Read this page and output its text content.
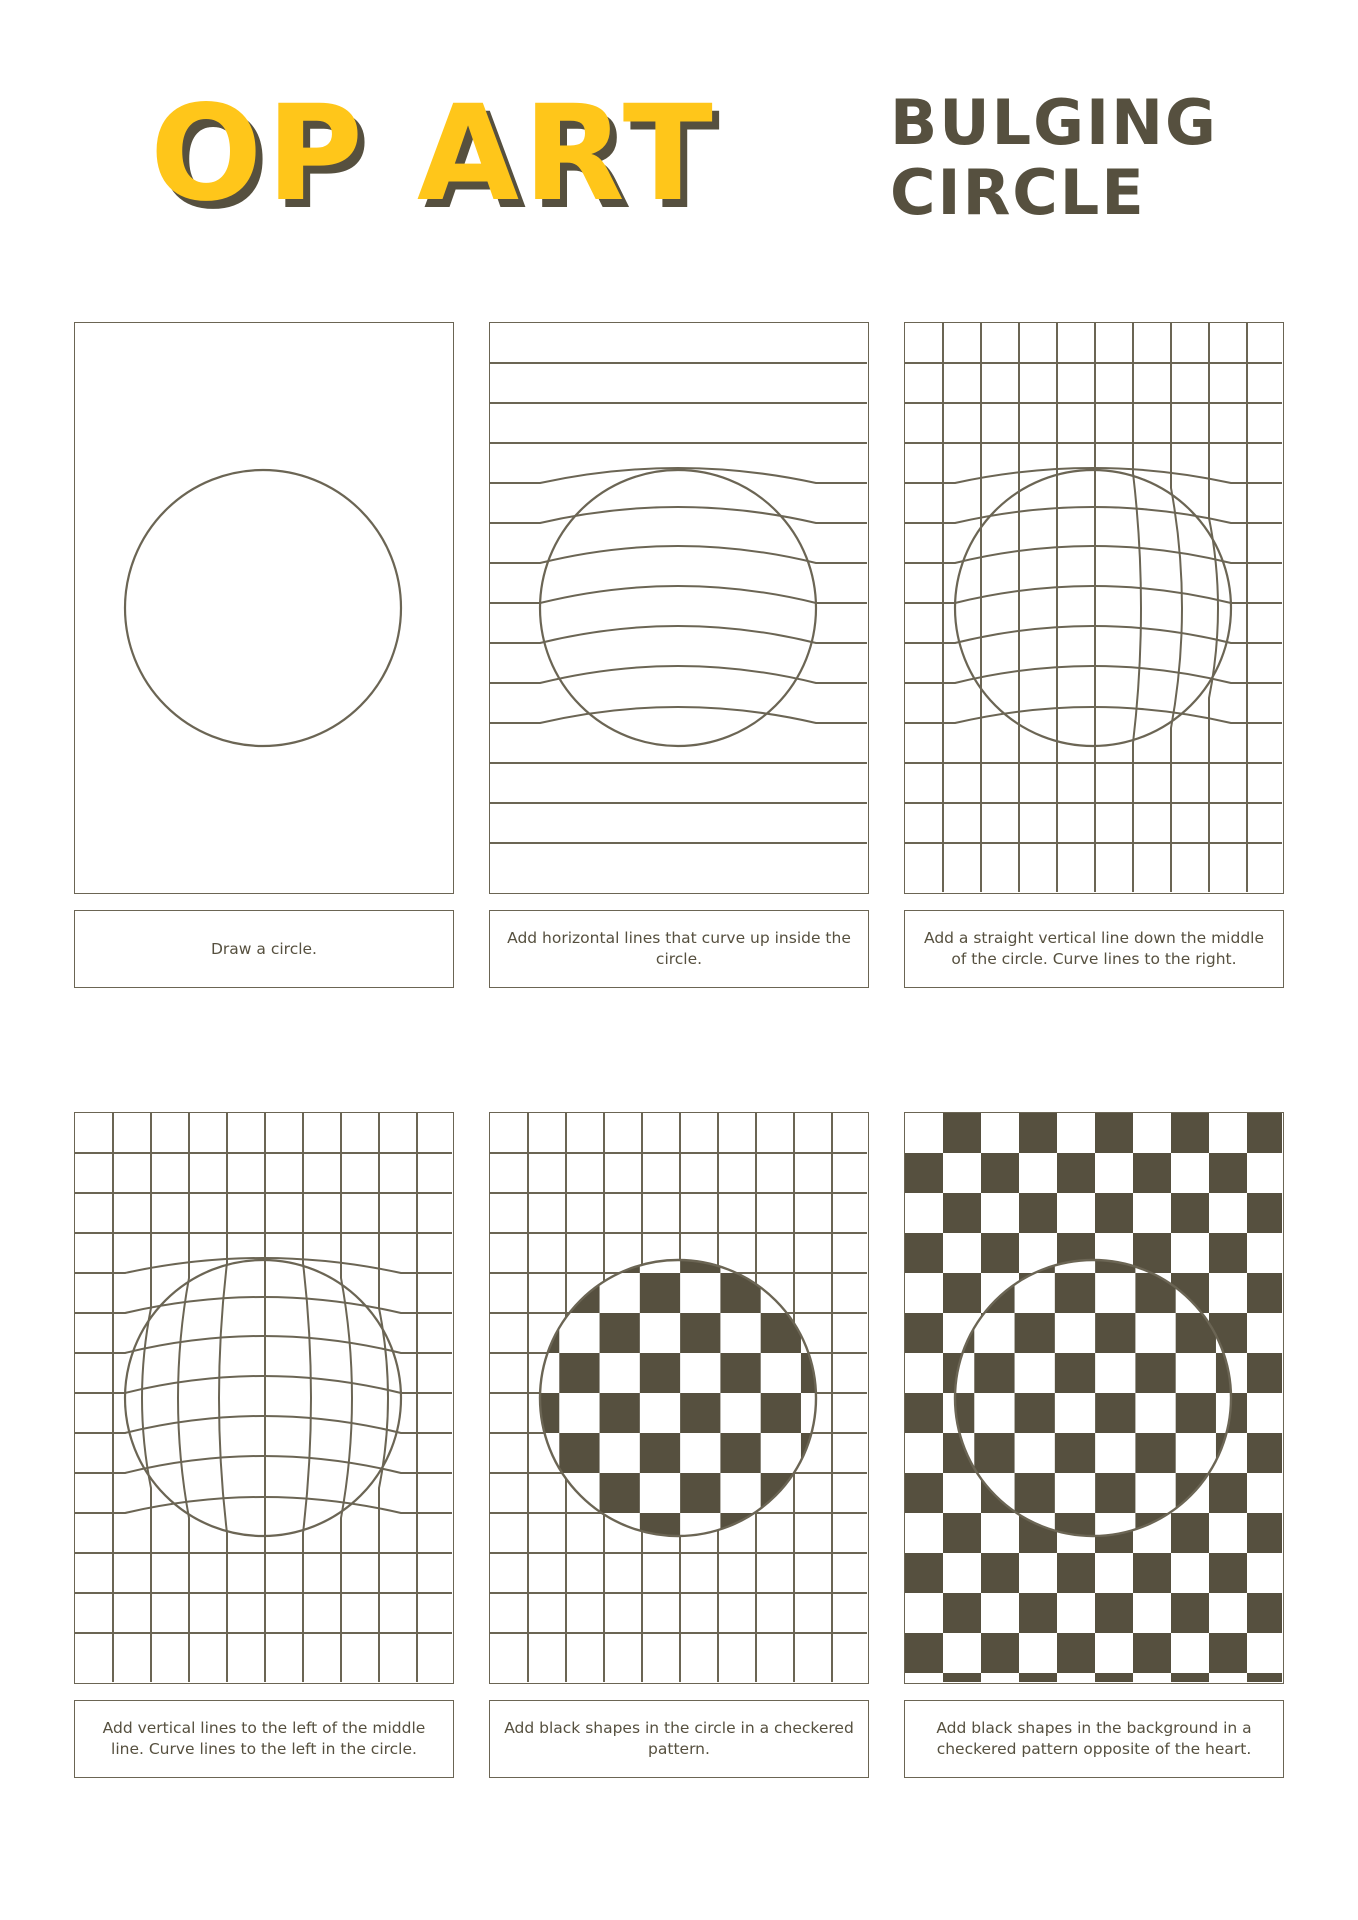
OP ART	BULGING
CIRCLE
Draw a circle.
Add horizontal lines that curve up inside the circle.
Add a straight vertical line down the middle of the circle. Curve lines to the right.
Add vertical lines to the left of the middle line. Curve lines to the left in the circle.
Add black shapes in the circle in a checkered pattern.
Add black shapes in the background in a checkered pattern opposite of the heart.
